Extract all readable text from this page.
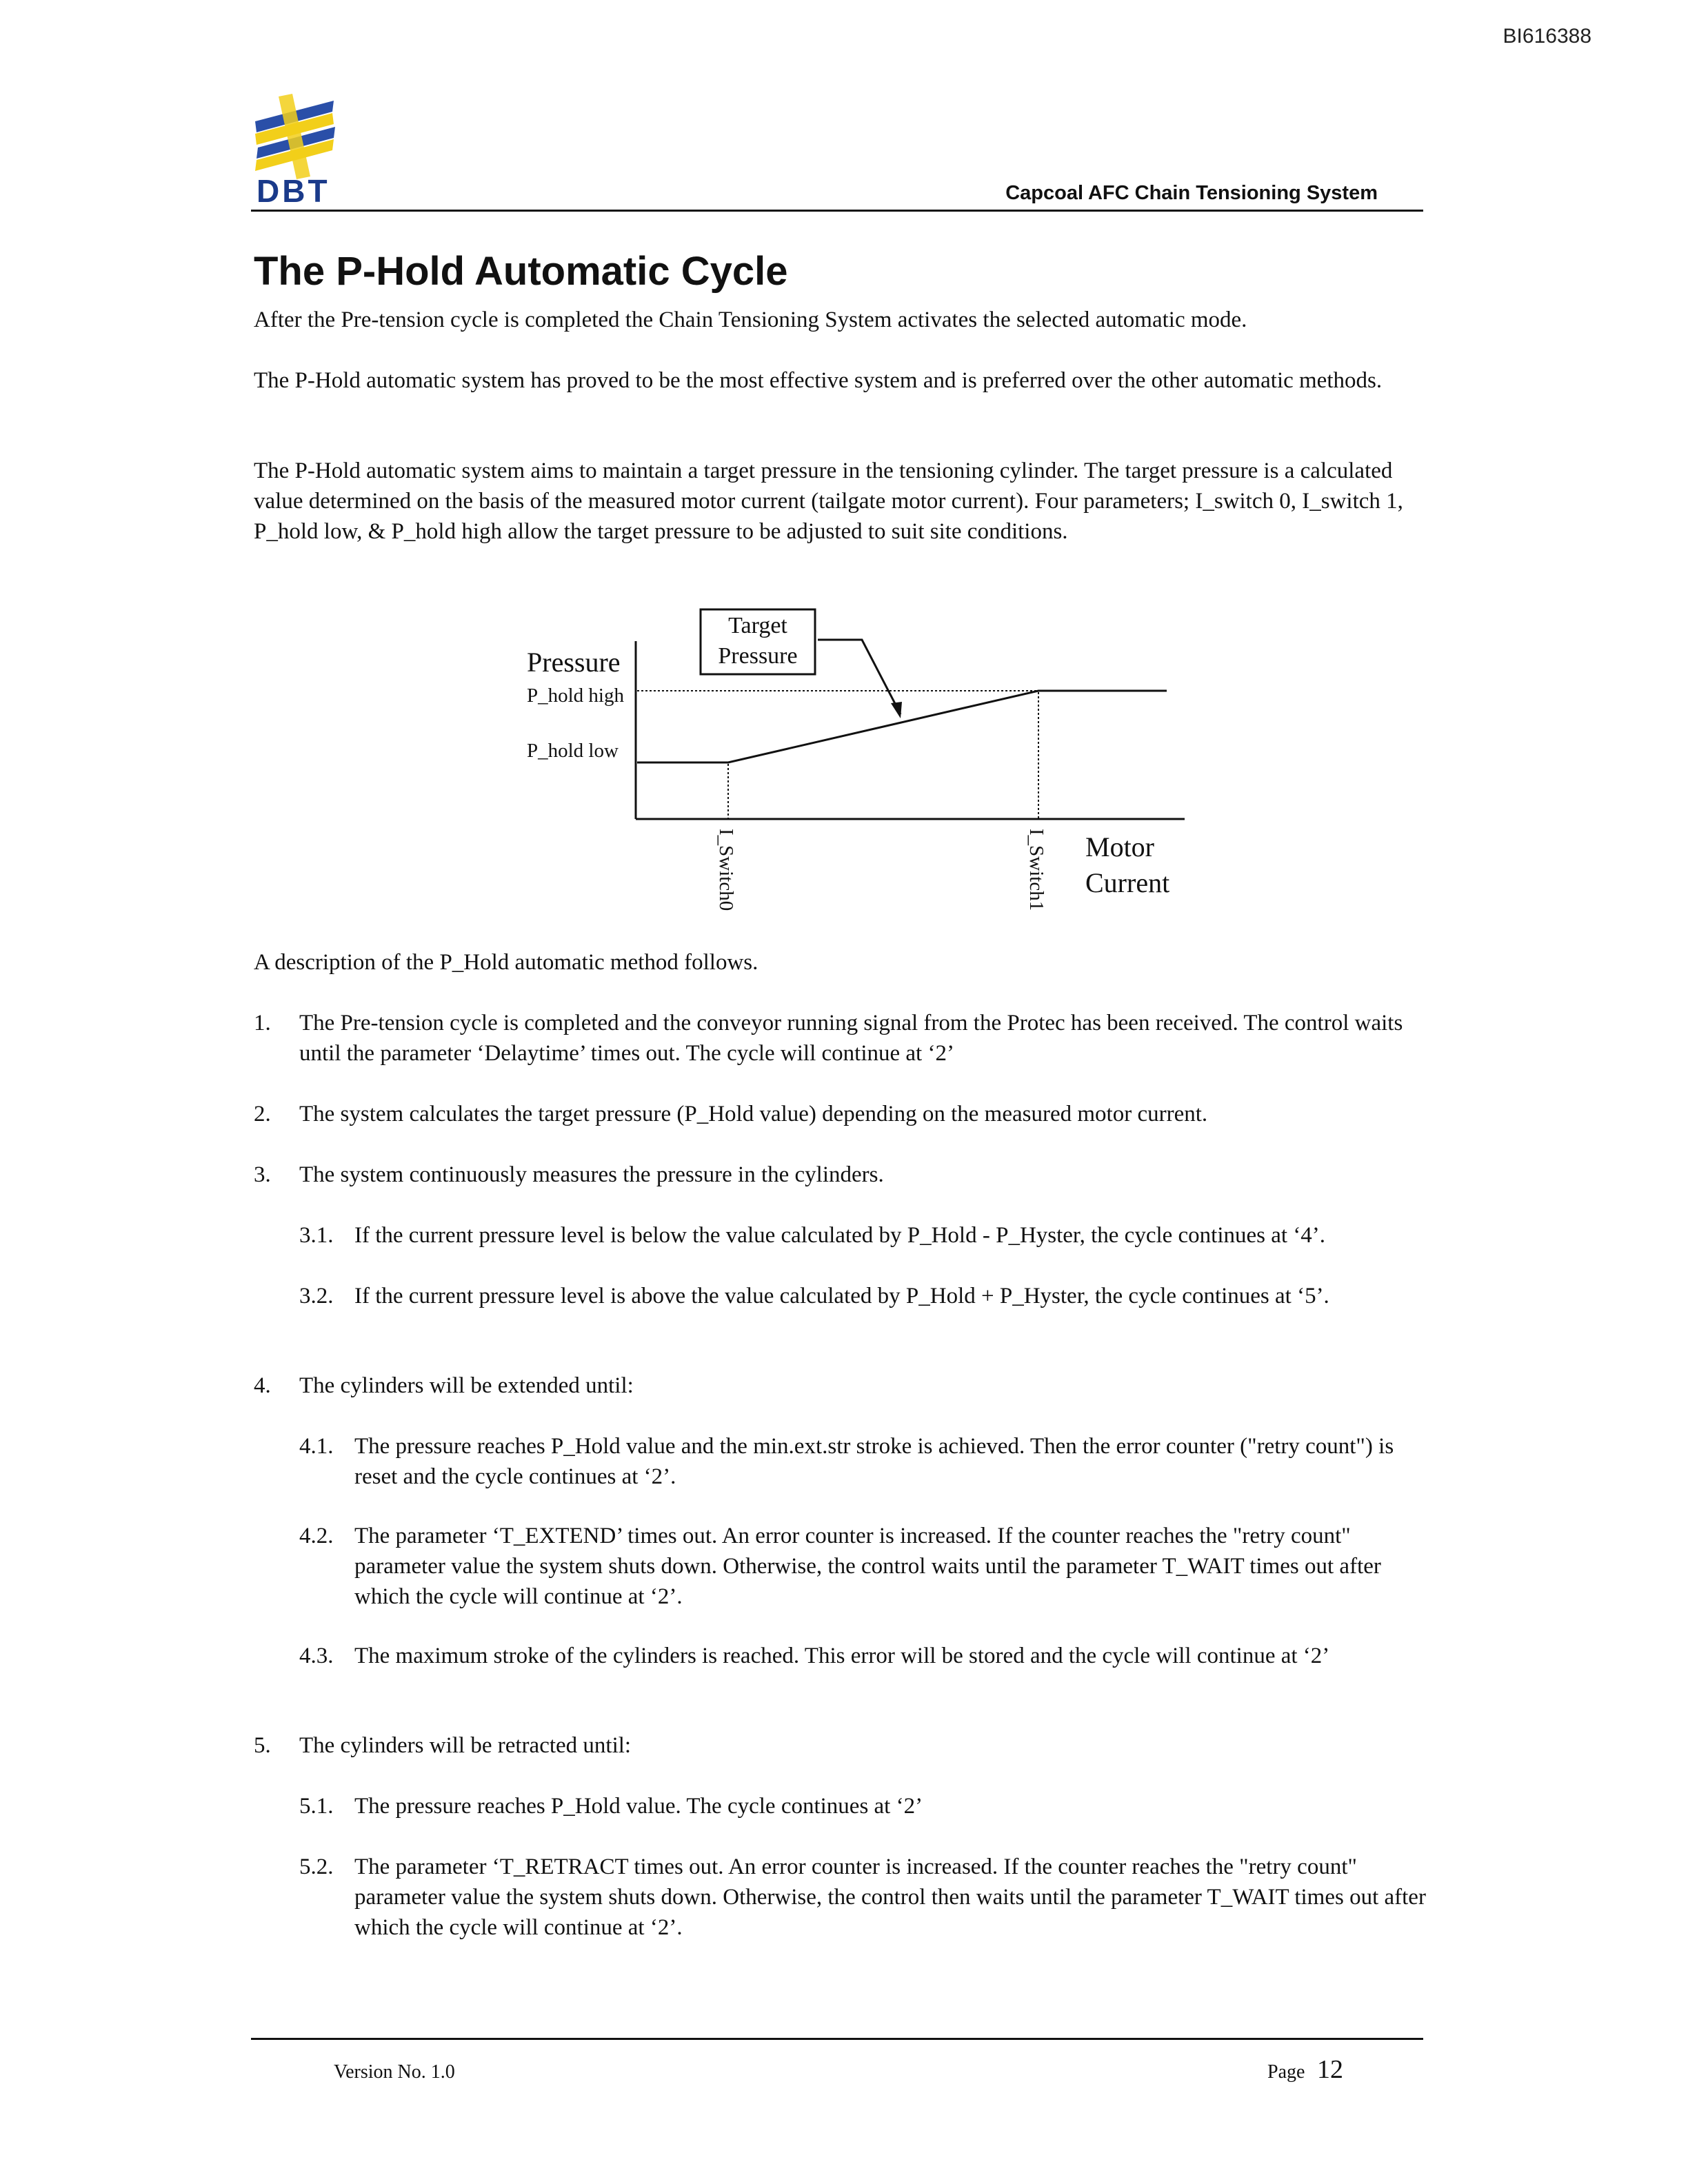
BI616388
DBT	Capcoal AFC Chain Tensioning System
The P-Hold Automatic Cycle

After the Pre-tension cycle is completed the Chain Tensioning System activates the selected automatic mode.

The P-Hold automatic system has proved to be the most effective system and is preferred over the other automatic methods.

The P-Hold automatic system aims to maintain a target pressure in the tensioning cylinder. The target pressure is a calculated value determined on the basis of the measured motor current (tailgate motor current). Four parameters; I_switch 0, I_switch 1, P_hold low, & P_hold high allow the target pressure to be adjusted to suit site conditions.

Target
Pressure
Pressure
P_hold high
P_hold low
I_Switch0	I_Switch1 Motor
Current

A description of the P_Hold automatic method follows.

1. The Pre-tension cycle is completed and the conveyor running signal from the Protec has been received. The control waits until the parameter ‘Delaytime’ times out. The cycle will continue at ‘2’
2. The system calculates the target pressure (P_Hold value) depending on the measured motor current.
3. The system continuously measures the pressure in the cylinders.
3.1. If the current pressure level is below the value calculated by P_Hold - P_Hyster, the cycle continues at ‘4’.
3.2. If the current pressure level is above the value calculated by P_Hold + P_Hyster, the cycle continues at ‘5’.
4. The cylinders will be extended until:
4.1. The pressure reaches P_Hold value and the min.ext.str stroke is achieved. Then the error counter ("retry count") is reset and the cycle continues at ‘2’.
4.2. The parameter ‘T_EXTEND’ times out. An error counter is increased. If the counter reaches the "retry count" parameter value the system shuts down. Otherwise, the control waits until the parameter T_WAIT times out after which the cycle will continue at ‘2’.
4.3. The maximum stroke of the cylinders is reached. This error will be stored and the cycle will continue at ‘2’
5. The cylinders will be retracted until:
5.1. The pressure reaches P_Hold value. The cycle continues at ‘2’
5.2. The parameter ‘T_RETRACT times out. An error counter is increased. If the counter reaches the "retry count" parameter value the system shuts down. Otherwise, the control then waits until the parameter T_WAIT times out after which the cycle will continue at ‘2’.
Version No. 1.0	Page 12
